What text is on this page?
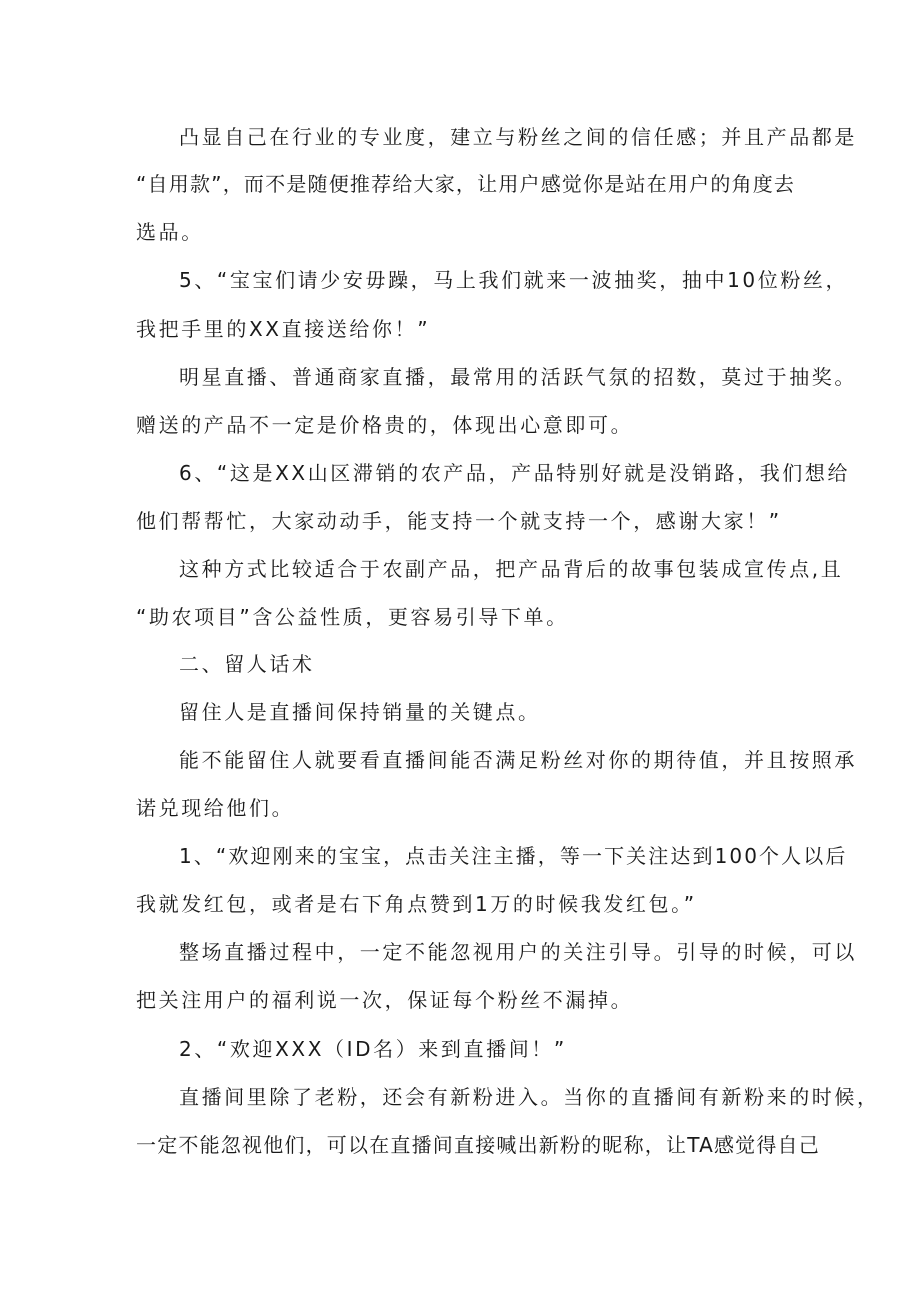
凸显自己在行业的专业度，建立与粉丝之间的信任感；并且产品都是

“自用款”，而不是随便推荐给大家，让用户感觉你是站在用户的角度去

选品。

5、“宝宝们请少安毋躁，马上我们就来一波抽奖，抽中10位粉丝，

我把手里的XX直接送给你！”

明星直播、普通商家直播，最常用的活跃气氛的招数，莫过于抽奖。

赠送的产品不一定是价格贵的，体现出心意即可。

6、“这是XX山区滞销的农产品，产品特别好就是没销路，我们想给

他们帮帮忙，大家动动手，能支持一个就支持一个，感谢大家！”

这种方式比较适合于农副产品，把产品背后的故事包装成宣传点,且

“助农项目”含公益性质，更容易引导下单。

二、留人话术

留住人是直播间保持销量的关键点。

能不能留住人就要看直播间能否满足粉丝对你的期待值，并且按照承

诺兑现给他们。

1、“欢迎刚来的宝宝，点击关注主播，等一下关注达到100个人以后

我就发红包，或者是右下角点赞到1万的时候我发红包。”

整场直播过程中，一定不能忽视用户的关注引导。引导的时候，可以

把关注用户的福利说一次，保证每个粉丝不漏掉。

2、“欢迎XXX（ID名）来到直播间！”

直播间里除了老粉，还会有新粉进入。当你的直播间有新粉来的时候，

一定不能忽视他们，可以在直播间直接喊出新粉的昵称，让TA感觉得自己
